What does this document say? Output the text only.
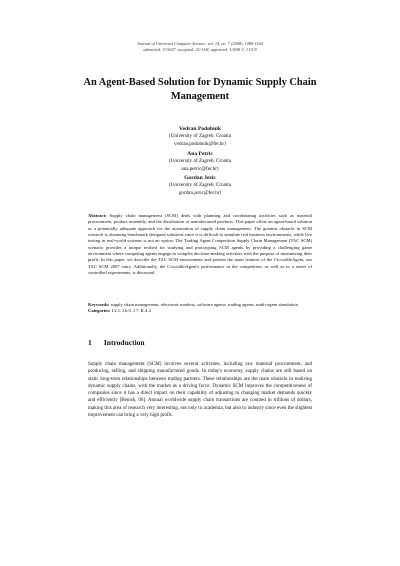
Journal of Universal Computer Science, vol. 14, no. 7 (2008), 1080-1104
submitted: 3/10/07, accepted: 21/1/08, appeared: 1/4/08 © J.UCS
An Agent-Based Solution for Dynamic Supply Chain
Management
Vedran Podobnik
(University of Zagreb, Croatia
vedran.podobnik@fer.hr)
Ana Petric
(University of Zagreb, Croatia
ana.petric@fer.hr)
Gordan Jezic
(University of Zagreb, Croatia
gordan.jezic@fer.hr)
Abstract: Supply chain management (SCM) deals with planning and coordinating activities such as material procurement, product assembly, and the distribution of manufactured products. This paper offers an agent-based solution as a potentially adequate approach for the automation of supply chain management. The greatest obstacle in SCM research is obtaining benchmark designed solutions since it is difficult to simulate real business environments, while live testing in real-world systems is not an option. The Trading Agent Competition Supply Chain Management (TAC SCM) scenario provides a unique testbed for studying and prototyping SCM agents by providing a challenging game environment where competing agents engage in complex decision-making activities with the purpose of maximizing their profit. In this paper, we describe the TAC SCM environment and present the main features of the CrocodileAgent, our TAC SCM 2007 entry. Additionally, the CrocodileAgent's performance in the competition, as well as in a series of controlled experiments, is discussed.
Keywords: supply chain management, electronic markets, software agents, trading agents, multi-agent simulation
Categories: I.2.1, I.6.0, J.7, K.4.4
1 Introduction
Supply chain management (SCM) involves several activities, including raw material procurement, and producing, selling, and shipping manufactured goods. In today's economy, supply chains are still based on static long-term relationships between trading partners. These relationships are the main obstacle in realising dynamic supply chains, with the market as a driving force. Dynamic SCM improves the competitiveness of companies since it has a direct impact on their capability of adjusting to changing market demands quickly and efficiently [Benish, 06]. Annual worldwide supply chain transactions are counted in trillions of dollars, making this area of research very interesting, not only to academia, but also to industry since even the slightest improvement can bring a very high profit.
